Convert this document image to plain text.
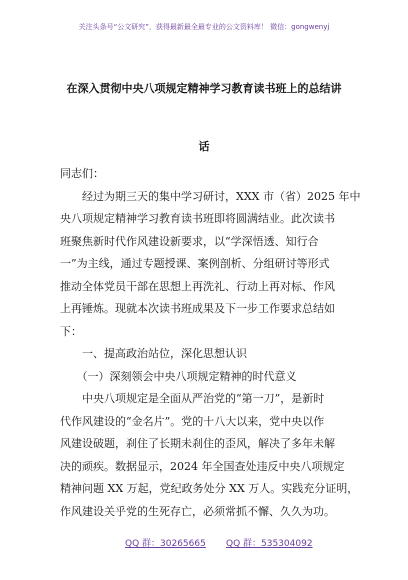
关注头条号“公文研究”，获得最新最全最专业的公文资料库！ 微信：gongwenyj
在深入贯彻中央八项规定精神学习教育读书班上的总结讲
话

同志们：

　　经过为期三天的集中学习研讨，XXX 市（省）2025 年中

央八项规定精神学习教育读书班即将圆满结业。此次读书

班聚焦新时代作风建设新要求，以“学深悟透、知行合

一”为主线，通过专题授课、案例剖析、分组研讨等形式

推动全体党员干部在思想上再洗礼、行动上再对标、作风

上再锤炼。现就本次读书班成果及下一步工作要求总结如

下：

　　一、提高政治站位，深化思想认识

　　（一）深刻领会中央八项规定精神的时代意义

　　中央八项规定是全面从严治党的“第一刀”，是新时

代作风建设的“金名片”。党的十八大以来，党中央以作

风建设破题，刹住了长期未刹住的歪风，解决了多年未解

决的顽疾。数据显示，2024 年全国查处违反中央八项规定

精神问题 XX 万起，党纪政务处分 XX 万人。实践充分证明，

作风建设关乎党的生死存亡，必须常抓不懈、久久为功。

QQ 群：30265665 QQ 群：535304092
